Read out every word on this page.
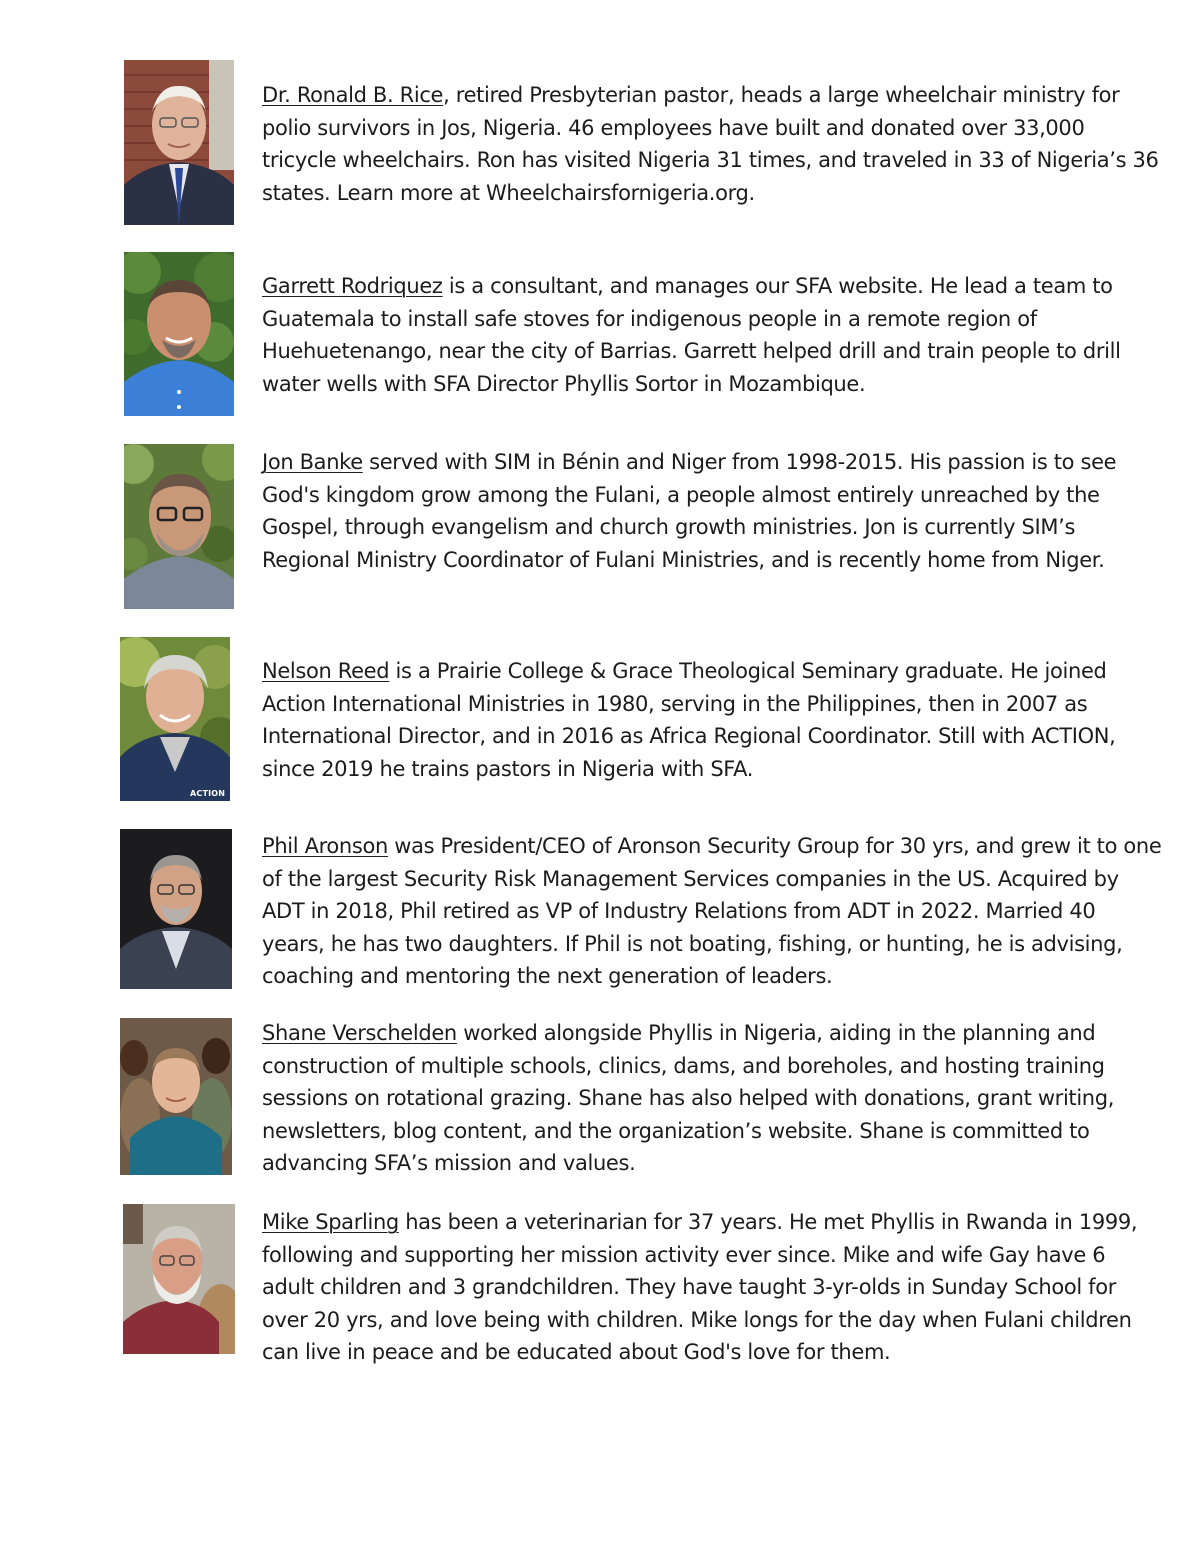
Dr. Ronald B. Rice, retired Presbyterian pastor, heads a large wheelchair ministry for polio survivors in Jos, Nigeria. 46 employees have built and donated over 33,000 tricycle wheelchairs. Ron has visited Nigeria 31 times, and traveled in 33 of Nigeria’s 36 states. Learn more at Wheelchairsfornigeria.org.

Garrett Rodriquez is a consultant, and manages our SFA website. He lead a team to Guatemala to install safe stoves for indigenous people in a remote region of Huehuetenango, near the city of Barrias. Garrett helped drill and train people to drill water wells with SFA Director Phyllis Sortor in Mozambique.

Jon Banke served with SIM in Bénin and Niger from 1998-2015. His passion is to see God's kingdom grow among the Fulani, a people almost entirely unreached by the Gospel, through evangelism and church growth ministries. Jon is currently SIM’s Regional Ministry Coordinator of Fulani Ministries, and is recently home from Niger.

ACTION

Nelson Reed is a Prairie College & Grace Theological Seminary graduate. He joined Action International Ministries in 1980, serving in the Philippines, then in 2007 as International Director, and in 2016 as Africa Regional Coordinator. Still with ACTION, since 2019 he trains pastors in Nigeria with SFA.

Phil Aronson was President/CEO of Aronson Security Group for 30 yrs, and grew it to one of the largest Security Risk Management Services companies in the US. Acquired by ADT in 2018, Phil retired as VP of Industry Relations from ADT in 2022. Married 40 years, he has two daughters. If Phil is not boating, fishing, or hunting, he is advising, coaching and mentoring the next generation of leaders.

Shane Verschelden worked alongside Phyllis in Nigeria, aiding in the planning and construction of multiple schools, clinics, dams, and boreholes, and hosting training sessions on rotational grazing. Shane has also helped with donations, grant writing, newsletters, blog content, and the organization’s website. Shane is committed to advancing SFA’s mission and values.

Mike Sparling has been a veterinarian for 37 years. He met Phyllis in Rwanda in 1999, following and supporting her mission activity ever since. Mike and wife Gay have 6 adult children and 3 grandchildren. They have taught 3-yr-olds in Sunday School for over 20 yrs, and love being with children. Mike longs for the day when Fulani children can live in peace and be educated about God's love for them.
